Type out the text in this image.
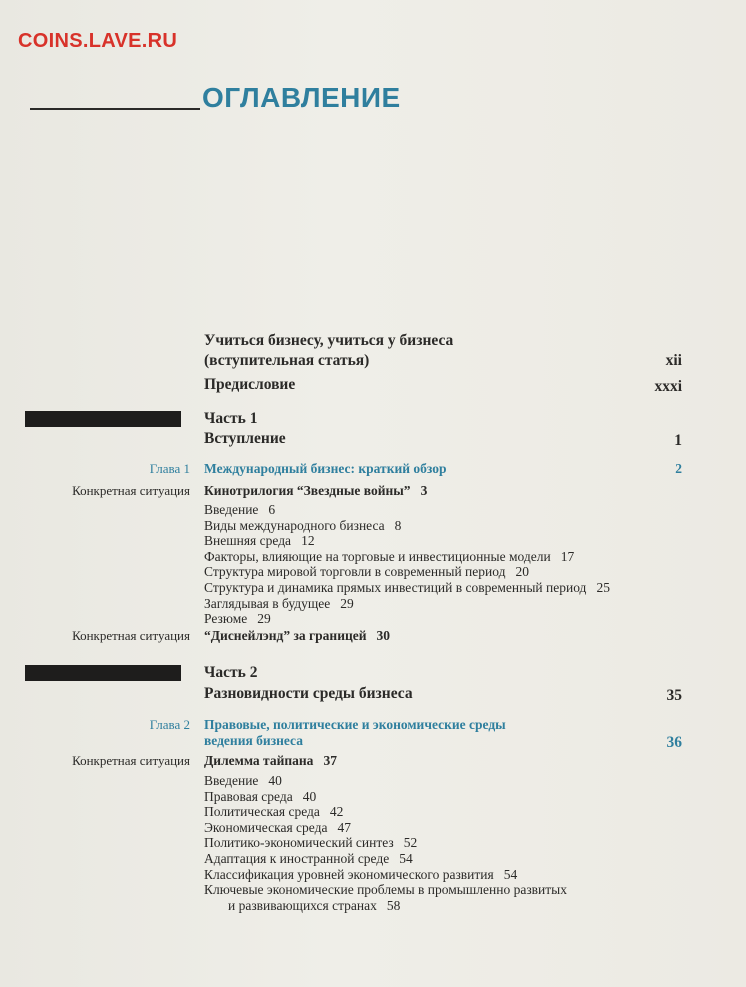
COINS.LAVE.RU
ОГЛАВЛЕНИЕ
Учиться бизнесу, учиться у бизнеса
(вступительная статья)	xii
Предисловие	xxxi
Часть 1
Вступление	1
Глава 1 Международный бизнес: краткий обзор	2
Конкретная ситуация Кинотрилогия “Звездные войны” 3
Введение 6
Виды международного бизнеса 8
Внешняя среда 12
Факторы, влияющие на торговые и инвестиционные модели 17
Структура мировой торговли в современный период 20
Структура и динамика прямых инвестиций в современный период 25
Заглядывая в будущее 29
Резюме 29
Конкретная ситуация “Диснейлэнд” за границей 30
Часть 2
Разновидности среды бизнеса	35
Глава 2 Правовые, политические и экономические среды
ведения бизнеса	36
Конкретная ситуация Дилемма тайпана 37
Введение 40
Правовая среда 40
Политическая среда 42
Экономическая среда 47
Политико-экономический синтез 52
Адаптация к иностранной среде 54
Классификация уровней экономического развития 54
Ключевые экономические проблемы в промышленно развитых
и развивающихся странах 58
